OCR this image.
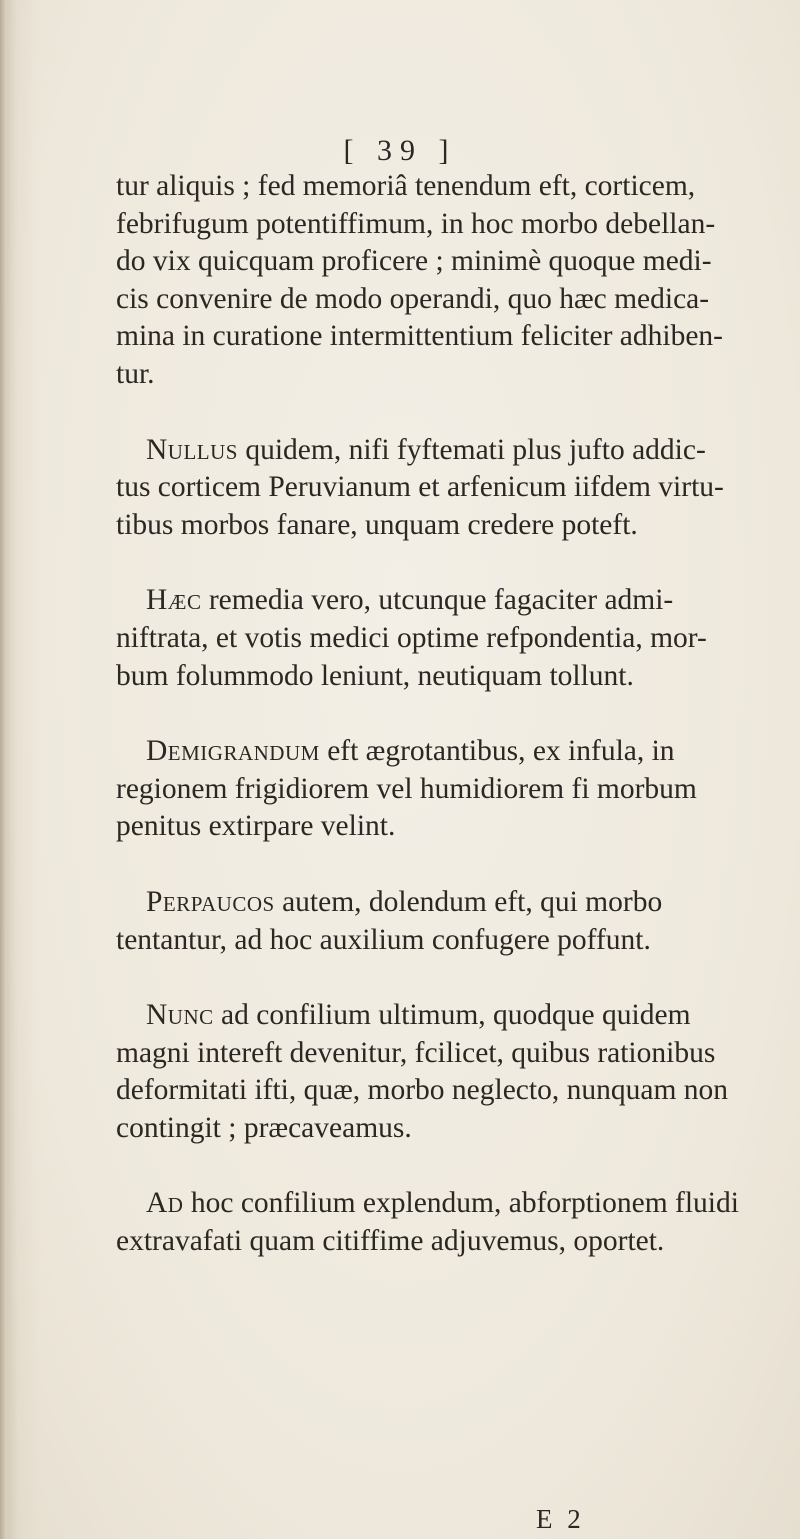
[ 39 ]

tur aliquis ; fed memoriâ tenendum eft, corticem,
febrifugum potentiffimum, in hoc morbo debellan-
do vix quicquam proficere ; minimè quoque medi-
cis convenire de modo operandi, quo hæc medica-
mina in curatione intermittentium feliciter adhiben-
tur.

Nullus quidem, nifi fyftemati plus jufto addic-
tus corticem Peruvianum et arfenicum iifdem virtu-
tibus morbos fanare, unquam credere poteft.

Hæc remedia vero, utcunque fagaciter admi-
niftrata, et votis medici optime refpondentia, mor-
bum folummodo leniunt, neutiquam tollunt.

Demigrandum eft ægrotantibus, ex infula, in
regionem frigidiorem vel humidiorem fi morbum
penitus extirpare velint.

Perpaucos autem, dolendum eft, qui morbo
tentantur, ad hoc auxilium confugere poffunt.

Nunc ad confilium ultimum, quodque quidem
magni intereft devenitur, fcilicet, quibus rationibus
deformitati ifti, quæ, morbo neglecto, nunquam non
contingit ; præcaveamus.

Ad hoc confilium explendum, abforptionem fluidi
extravafati quam citiffime adjuvemus, oportet.

E 2
